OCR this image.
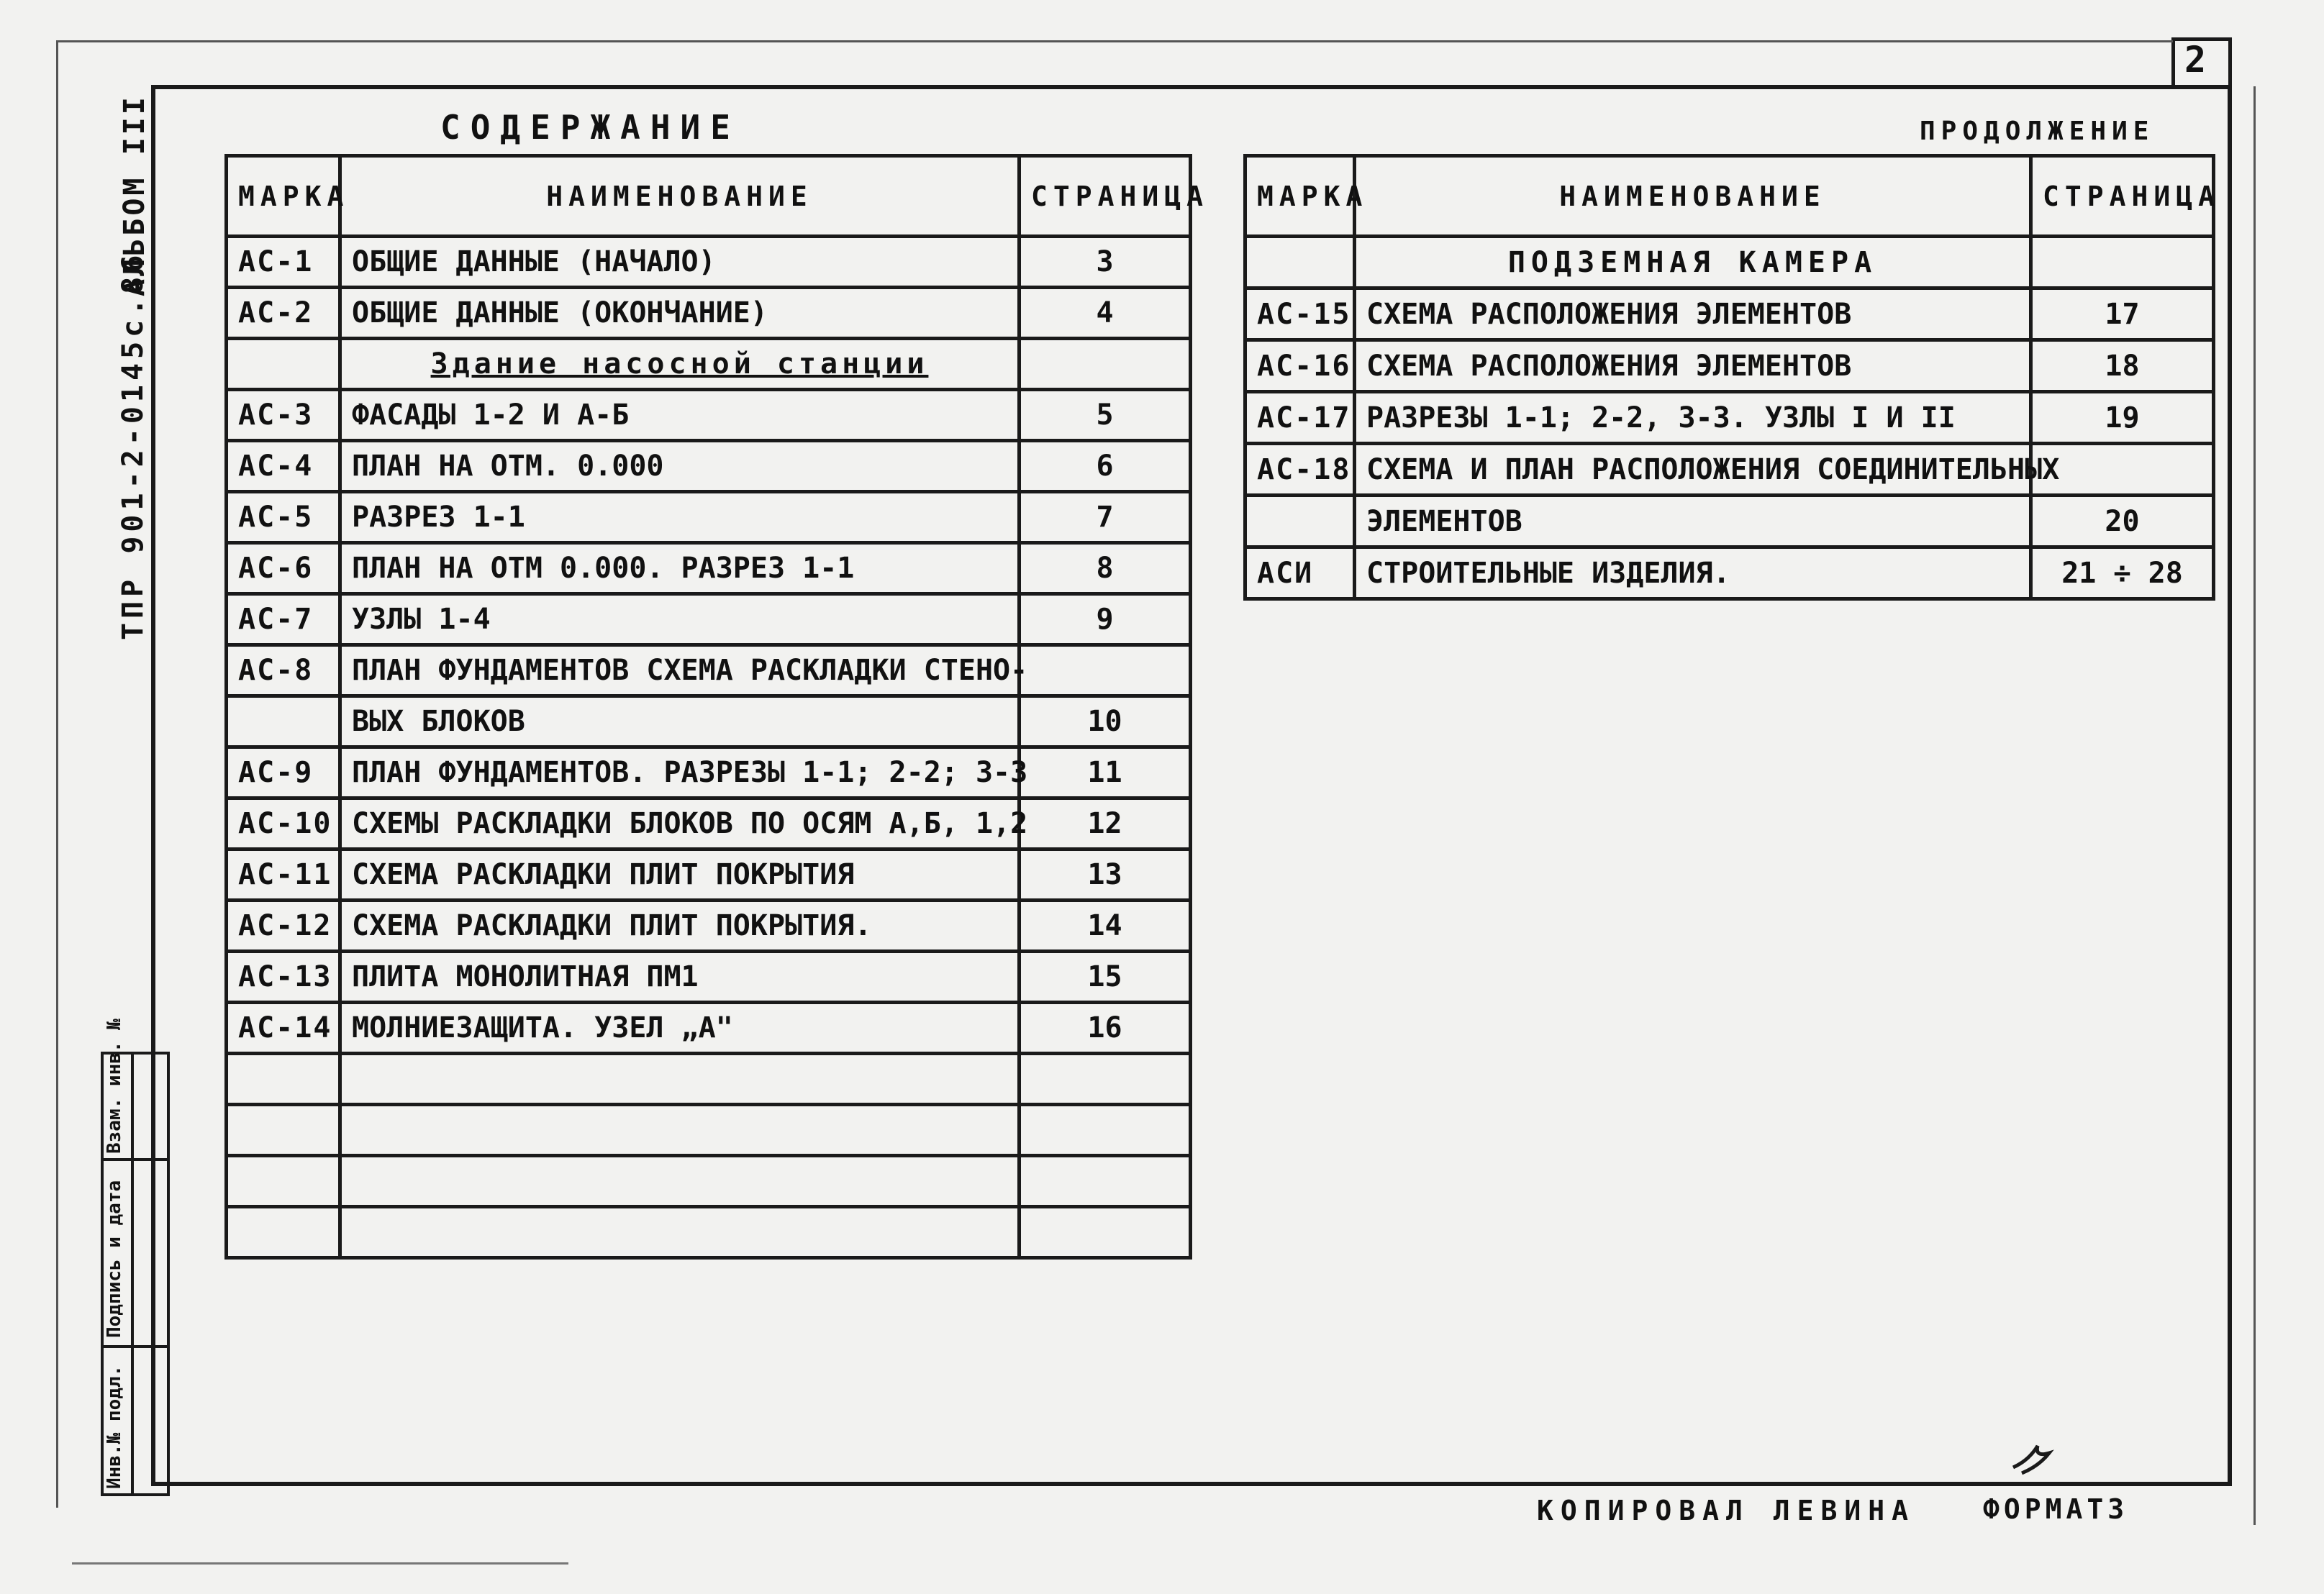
2
ТПР 901-2-0145с.86
АЛЬБОМ III
Инв.№ подл.
Подпись и дата
Взам. инв. №
СОДЕРЖАНИЕ
МАРКА	НАИМЕНОВАНИЕ	СТРАНИЦА
АС-1	ОБЩИЕ ДАННЫЕ (НАЧАЛО)	3
АС-2	ОБЩИЕ ДАННЫЕ (ОКОНЧАНИЕ)	4
	Здание насосной станции	
АС-3	ФАСАДЫ 1-2 И А-Б	5
АС-4	ПЛАН НА ОТМ. 0.000	6
АС-5	РАЗРЕЗ 1-1	7
АС-6	ПЛАН НА ОТМ 0.000. РАЗРЕЗ 1-1	8
АС-7	УЗЛЫ 1-4	9
АС-8	ПЛАН ФУНДАМЕНТОВ СХЕМА РАСКЛАДКИ СТЕНО-	
	ВЫХ БЛОКОВ	10
АС-9	ПЛАН ФУНДАМЕНТОВ. РАЗРЕЗЫ 1-1; 2-2; 3-3	11
АС-10	СХЕМЫ РАСКЛАДКИ БЛОКОВ ПО ОСЯМ А,Б, 1,2	12
АС-11	СХЕМА РАСКЛАДКИ ПЛИТ ПОКРЫТИЯ	13
АС-12	СХЕМА РАСКЛАДКИ ПЛИТ ПОКРЫТИЯ.	14
АС-13	ПЛИТА МОНОЛИТНАЯ ПМ1	15
АС-14	МОЛНИЕЗАЩИТА. УЗЕЛ „А"	16

ПРОДОЛЖЕНИЕ
МАРКА	НАИМЕНОВАНИЕ	СТРАНИЦА
	ПОДЗЕМНАЯ КАМЕРА	
АС-15	СХЕМА РАСПОЛОЖЕНИЯ ЭЛЕМЕНТОВ	17
АС-16	СХЕМА РАСПОЛОЖЕНИЯ ЭЛЕМЕНТОВ	18
АС-17	РАЗРЕЗЫ 1-1; 2-2, 3-3. УЗЛЫ I И II	19
АС-18	СХЕМА И ПЛАН РАСПОЛОЖЕНИЯ СОЕДИНИТЕЛЬНЫХ	
	ЭЛЕМЕНТОВ	20
АСИ	СТРОИТЕЛЬНЫЕ ИЗДЕЛИЯ.	21 ÷ 28
КОПИРОВАЛ ЛЕВИНА ФОРМАТ3
